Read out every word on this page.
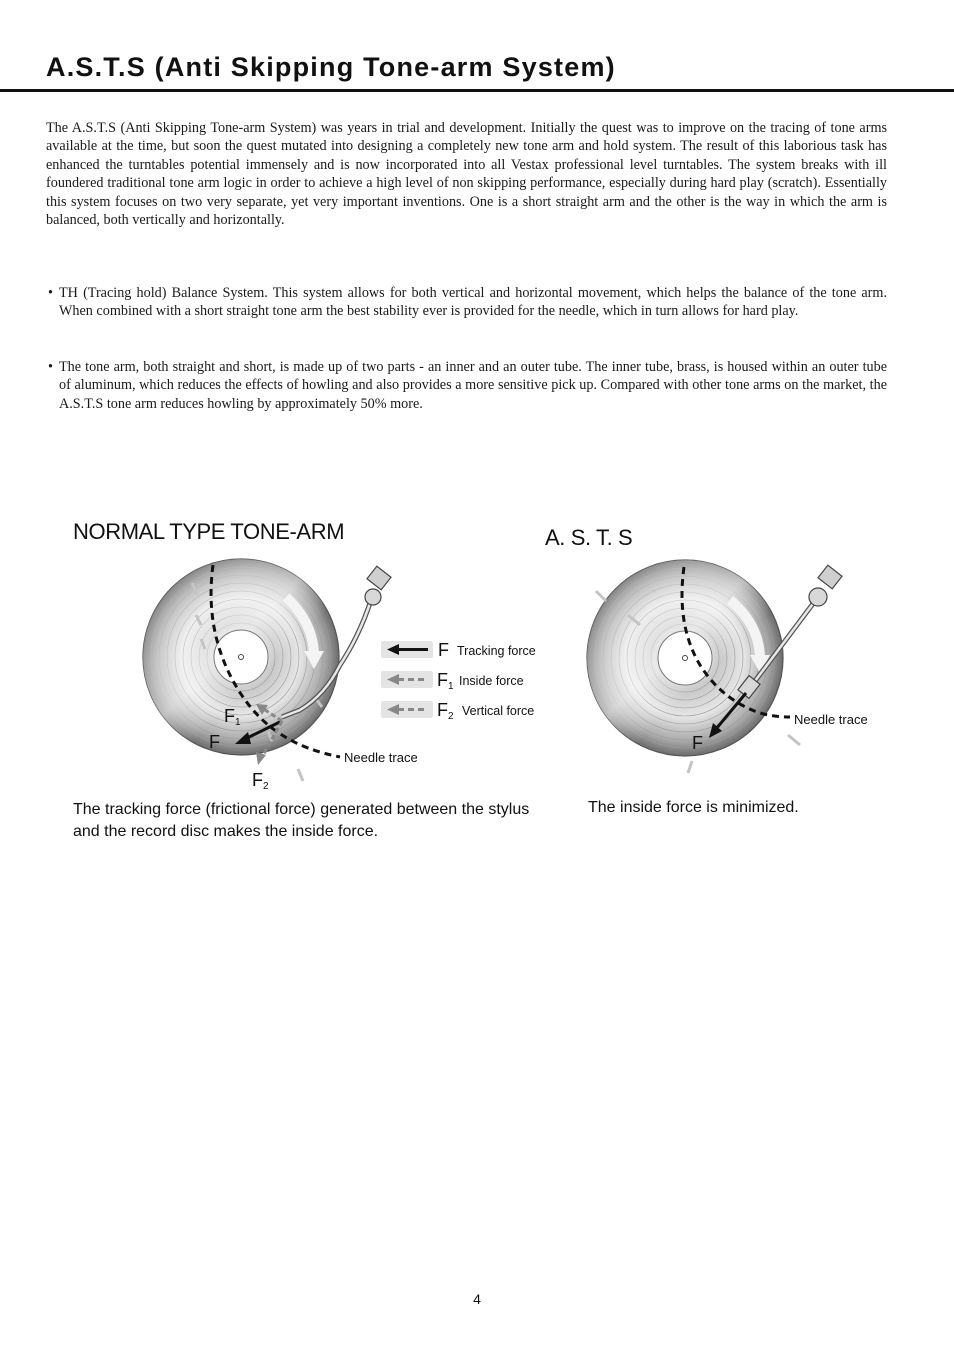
A.S.T.S (Anti Skipping Tone-arm System)

The A.S.T.S (Anti Skipping Tone-arm System) was years in trial and development. Initially the quest was to improve on the tracing of tone arms available at the time, but soon the quest mutated into designing a completely new tone arm and hold system. The result of this laborious task has enhanced the turntables potential immensely and is now incorporated into all Vestax professional level turntables. The system breaks with ill foundered traditional tone arm logic in order to achieve a high level of non skipping performance, especially during hard play (scratch). Essentially this system focuses on two very separate, yet very important inventions. One is a short straight arm and the other is the way in which the arm is balanced, both vertically and horizontally.

• TH (Tracing hold) Balance System. This system allows for both vertical and horizontal movement, which helps the balance of the tone arm. When combined with a short straight tone arm the best stability ever is provided for the needle, which in turn allows for hard play.
• The tone arm, both straight and short, is made up of two parts - an inner and an outer tube. The inner tube, brass, is housed within an outer tube of aluminum, which reduces the effects of howling and also provides a more sensitive pick up. Compared with other tone arms on the market, the A.S.T.S tone arm reduces howling by approximately 50% more.
NORMAL TYPE TONE-ARM	A. S. T. S
F1
F
F2
Needle trace
F Tracking force
F1 Inside force
F2 Vertical force
F
Needle trace

The tracking force (frictional force) generated between the stylus and the record disc makes the inside force.

The inside force is minimized.

4
